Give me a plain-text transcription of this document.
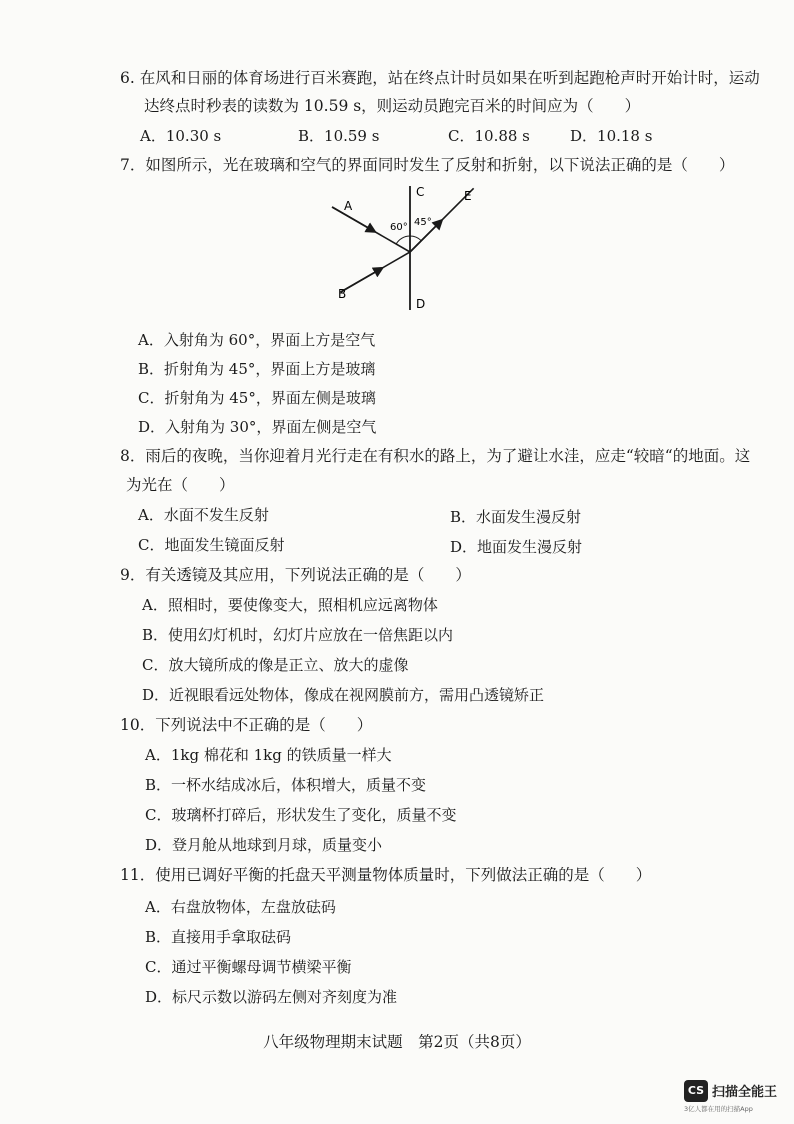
6. 在风和日丽的体育场进行百米赛跑，站在终点计时员如果在听到起跑枪声时开始计时，运动
达终点时秒表的读数为 10.59 s，则运动员跑完百米的时间应为（　　）
A．10.30 s	B．10.59 s	C．10.88 s	D．10.18 s
7．如图所示，光在玻璃和空气的界面同时发生了反射和折射，以下说法正确的是（　　）
C
D
A
E
B
60° 45°
A．入射角为 60°，界面上方是空气
B．折射角为 45°，界面上方是玻璃
C．折射角为 45°，界面左侧是玻璃
D．入射角为 30°，界面左侧是空气
8．雨后的夜晚，当你迎着月光行走在有积水的路上，为了避让水洼，应走“较暗“的地面。这
为光在（　　）
A．水面不发生反射	B．水面发生漫反射
C．地面发生镜面反射	D．地面发生漫反射
9．有关透镜及其应用，下列说法正确的是（　　）
A．照相时，要使像变大，照相机应远离物体
B．使用幻灯机时，幻灯片应放在一倍焦距以内
C．放大镜所成的像是正立、放大的虚像
D．近视眼看远处物体，像成在视网膜前方，需用凸透镜矫正
10．下列说法中不正确的是（　　）
A．1kg 棉花和 1kg 的铁质量一样大
B．一杯水结成冰后，体积增大，质量不变
C．玻璃杯打碎后，形状发生了变化，质量不变
D．登月舱从地球到月球，质量变小
11．使用已调好平衡的托盘天平测量物体质量时，下列做法正确的是（　　）
A．右盘放物体，左盘放砝码
B．直接用手拿取砝码
C．通过平衡螺母调节横梁平衡
D．标尺示数以游码左侧对齐刻度为准
八年级物理期末试题　第2页（共8页）
CS 扫描全能王
3亿人都在用的扫描App
